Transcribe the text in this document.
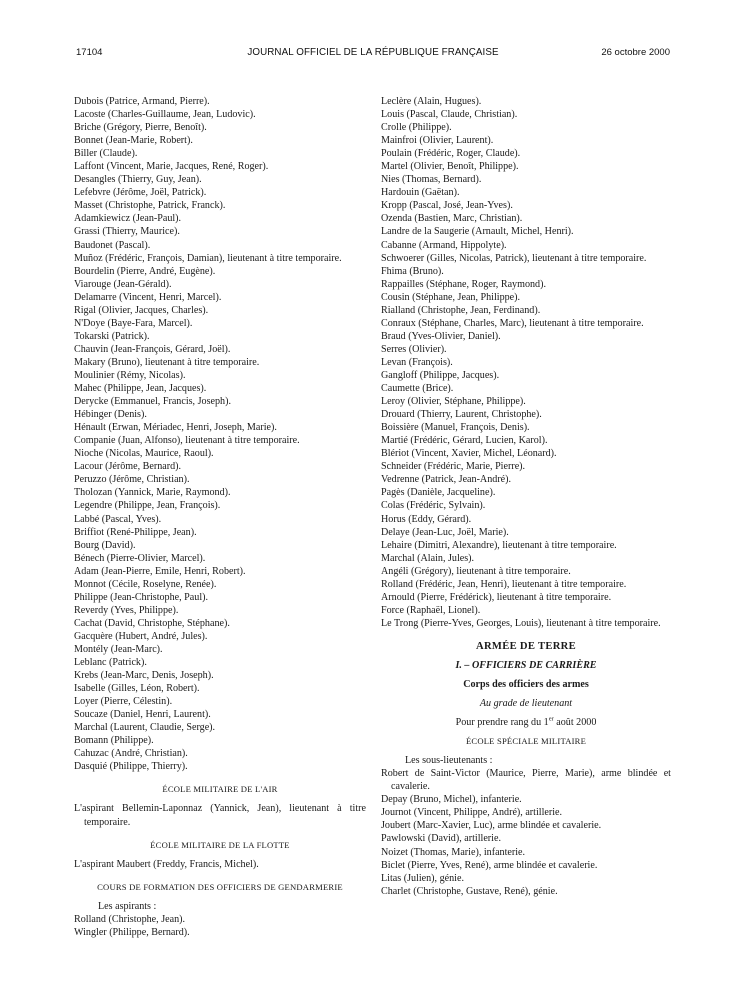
17104	JOURNAL OFFICIEL DE LA RÉPUBLIQUE FRANÇAISE	26 octobre 2000
Dubois (Patrice, Armand, Pierre).
Lacoste (Charles-Guillaume, Jean, Ludovic).
Briche (Grégory, Pierre, Benoît).
Bonnet (Jean-Marie, Robert).
Biller (Claude).
Laffont (Vincent, Marie, Jacques, René, Roger).
Desangles (Thierry, Guy, Jean).
Lefebvre (Jérôme, Joël, Patrick).
Masset (Christophe, Patrick, Franck).
Adamkiewicz (Jean-Paul).
Grassi (Thierry, Maurice).
Baudonet (Pascal).
Muñoz (Frédéric, François, Damian), lieutenant à titre temporaire.
Bourdelin (Pierre, André, Eugène).
Viarouge (Jean-Gérald).
Delamarre (Vincent, Henri, Marcel).
Rigal (Olivier, Jacques, Charles).
N'Doye (Baye-Fara, Marcel).
Tokarski (Patrick).
Chauvin (Jean-François, Gérard, Joël).
Makary (Bruno), lieutenant à titre temporaire.
Moulinier (Rémy, Nicolas).
Mahec (Philippe, Jean, Jacques).
Derycke (Emmanuel, Francis, Joseph).
Hébinger (Denis).
Hénault (Erwan, Mériadec, Henri, Joseph, Marie).
Companie (Juan, Alfonso), lieutenant à titre temporaire.
Nioche (Nicolas, Maurice, Raoul).
Lacour (Jérôme, Bernard).
Peruzzo (Jérôme, Christian).
Tholozan (Yannick, Marie, Raymond).
Legendre (Philippe, Jean, François).
Labbé (Pascal, Yves).
Briffiot (René-Philippe, Jean).
Bourg (David).
Bénech (Pierre-Olivier, Marcel).
Adam (Jean-Pierre, Emile, Henri, Robert).
Monnot (Cécile, Roselyne, Renée).
Philippe (Jean-Christophe, Paul).
Reverdy (Yves, Philippe).
Cachat (David, Christophe, Stéphane).
Gacquère (Hubert, André, Jules).
Montély (Jean-Marc).
Leblanc (Patrick).
Krebs (Jean-Marc, Denis, Joseph).
Isabelle (Gilles, Léon, Robert).
Loyer (Pierre, Célestin).
Soucaze (Daniel, Henri, Laurent).
Marchal (Laurent, Claudie, Serge).
Bomann (Philippe).
Cahuzac (André, Christian).
Dasquié (Philippe, Thierry).
ÉCOLE MILITAIRE DE L'AIR
L'aspirant Bellemin-Laponnaz (Yannick, Jean), lieutenant à titre temporaire.
ÉCOLE MILITAIRE DE LA FLOTTE
L'aspirant Maubert (Freddy, Francis, Michel).
COURS DE FORMATION DES OFFICIERS DE GENDARMERIE
Les aspirants :
Rolland (Christophe, Jean).
Wingler (Philippe, Bernard).
Leclère (Alain, Hugues).
Louis (Pascal, Claude, Christian).
Crolle (Philippe).
Mainfroi (Olivier, Laurent).
Poulain (Frédéric, Roger, Claude).
Martel (Olivier, Benoît, Philippe).
Nies (Thomas, Bernard).
Hardouin (Gaëtan).
Kropp (Pascal, José, Jean-Yves).
Ozenda (Bastien, Marc, Christian).
Landre de la Saugerie (Arnault, Michel, Henri).
Cabanne (Armand, Hippolyte).
Schwoerer (Gilles, Nicolas, Patrick), lieutenant à titre temporaire.
Fhima (Bruno).
Rappailles (Stéphane, Roger, Raymond).
Cousin (Stéphane, Jean, Philippe).
Rialland (Christophe, Jean, Ferdinand).
Conraux (Stéphane, Charles, Marc), lieutenant à titre temporaire.
Braud (Yves-Olivier, Daniel).
Serres (Olivier).
Levan (François).
Gangloff (Philippe, Jacques).
Caumette (Brice).
Leroy (Olivier, Stéphane, Philippe).
Drouard (Thierry, Laurent, Christophe).
Boissière (Manuel, François, Denis).
Martié (Frédéric, Gérard, Lucien, Karol).
Blériot (Vincent, Xavier, Michel, Léonard).
Schneider (Frédéric, Marie, Pierre).
Vedrenne (Patrick, Jean-André).
Pagès (Danièle, Jacqueline).
Colas (Frédéric, Sylvain).
Horus (Eddy, Gérard).
Delaye (Jean-Luc, Joël, Marie).
Lehaire (Dimitri, Alexandre), lieutenant à titre temporaire.
Marchal (Alain, Jules).
Angéli (Grégory), lieutenant à titre temporaire.
Rolland (Frédéric, Jean, Henri), lieutenant à titre temporaire.
Arnould (Pierre, Frédérick), lieutenant à titre temporaire.
Force (Raphaël, Lionel).
Le Trong (Pierre-Yves, Georges, Louis), lieutenant à titre temporaire.
ARMÉE DE TERRE
I. – OFFICIERS DE CARRIÈRE
Corps des officiers des armes
Au grade de lieutenant
Pour prendre rang du 1er août 2000
ÉCOLE SPÉCIALE MILITAIRE
Les sous-lieutenants :
Robert de Saint-Victor (Maurice, Pierre, Marie), arme blindée et cavalerie.
Depay (Bruno, Michel), infanterie.
Journot (Vincent, Philippe, André), artillerie.
Joubert (Marc-Xavier, Luc), arme blindée et cavalerie.
Pawlowski (David), artillerie.
Noizet (Thomas, Marie), infanterie.
Biclet (Pierre, Yves, René), arme blindée et cavalerie.
Litas (Julien), génie.
Charlet (Christophe, Gustave, René), génie.
